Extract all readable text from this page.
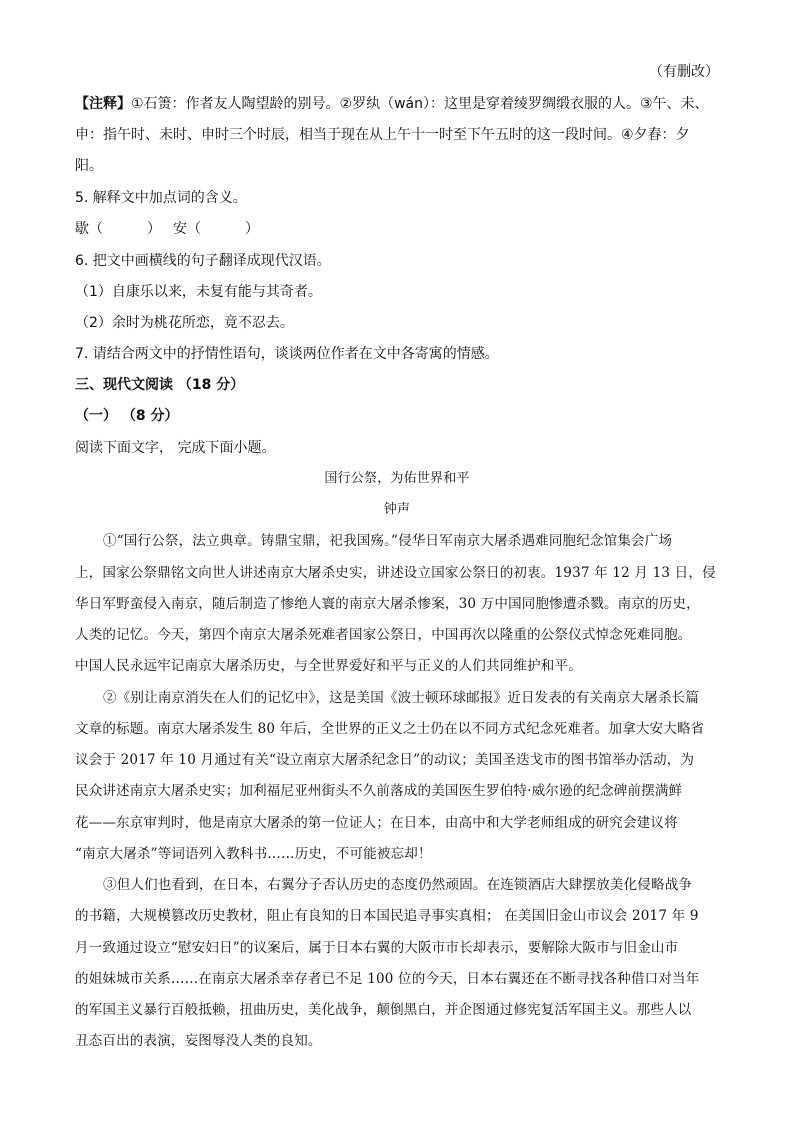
（有删改）
【注释】①石箦：作者友人陶望龄的别号。②罗纨（wán）：这里是穿着绫罗绸缎衣服的人。③午、未、
申：指午时、未时、申时三个时辰，相当于现在从上午十一时至下午五时的这一段时间。④夕舂：夕
阳。
5. 解释文中加点词的含义。
歇（	） 安（	）
6. 把文中画横线的句子翻译成现代汉语。
（1）自康乐以来，未复有能与其奇者。
（2）余时为桃花所恋，竟不忍去。
7. 请结合两文中的抒情性语句，谈谈两位作者在文中各寄寓的情感。
三、现代文阅读 （18 分）
（一） （8 分）
阅读下面文字， 完成下面小题。
国行公祭，为佑世界和平
钟声
①“国行公祭，法立典章。铸鼎宝鼎，祀我国殇。”侵华日军南京大屠杀遇难同胞纪念馆集会广场
上，国家公祭鼎铭文向世人讲述南京大屠杀史实，讲述设立国家公祭日的初衷。1937 年 12 月 13 日，侵
华日军野蛮侵入南京，随后制造了惨绝人寰的南京大屠杀惨案，30 万中国同胞惨遭杀戮。南京的历史，
人类的记忆。今天，第四个南京大屠杀死难者国家公祭日，中国再次以隆重的公祭仪式悼念死难同胞。
中国人民永远牢记南京大屠杀历史，与全世界爱好和平与正义的人们共同维护和平。
②《别让南京消失在人们的记忆中》，这是美国《波士顿环球邮报》近日发表的有关南京大屠杀长篇
文章的标题。南京大屠杀发生 80 年后，全世界的正义之士仍在以不同方式纪念死难者。加拿大安大略省
议会于 2017 年 10 月通过有关“设立南京大屠杀纪念日”的动议；美国圣迭戈市的图书馆举办活动，为
民众讲述南京大屠杀史实；加利福尼亚州街头不久前落成的美国医生罗伯特·威尔逊的纪念碑前摆满鲜
花——东京审判时，他是南京大屠杀的第一位证人；在日本，由高中和大学老师组成的研究会建议将
“南京大屠杀”等词语列入教科书……历史，不可能被忘却！
③但人们也看到，在日本，右翼分子否认历史的态度仍然顽固。在连锁酒店大肆摆放美化侵略战争
的书籍，大规模篡改历史教材，阻止有良知的日本国民追寻事实真相； 在美国旧金山市议会 2017 年 9
月一致通过设立“慰安妇日”的议案后，属于日本右翼的大阪市市长却表示，要解除大阪市与旧金山市
的姐妹城市关系……在南京大屠杀幸存者已不足 100 位的今天，日本右翼还在不断寻找各种借口对当年
的军国主义暴行百般抵赖，扭曲历史，美化战争，颠倒黑白，并企图通过修宪复活军国主义。那些人以
丑态百出的表演，妄图辱没人类的良知。
